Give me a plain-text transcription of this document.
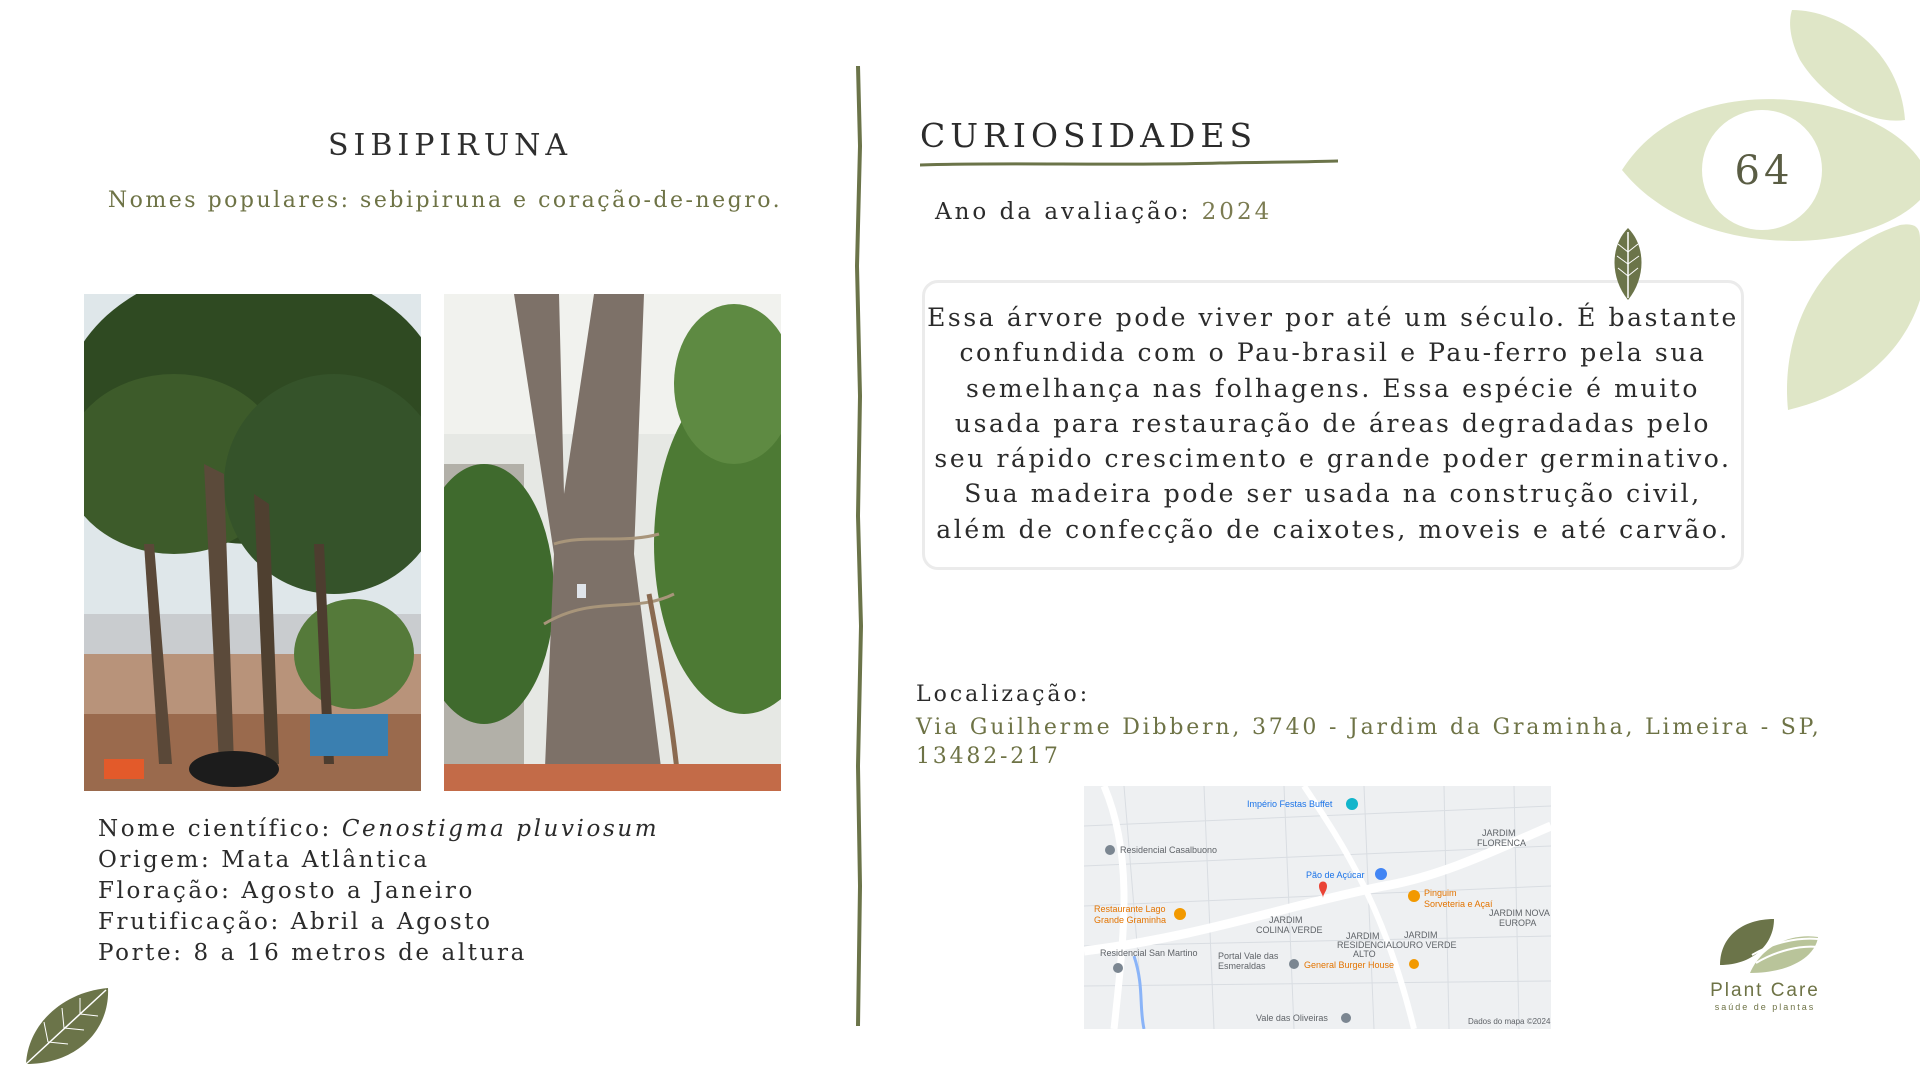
SIBIPIRUNA
Nomes populares: sebipiruna e coração-de-negro.
Nome científico: Cenostigma pluviosum
Origem: Mata Atlântica
Floração: Agosto a Janeiro
Frutificação: Abril a Agosto
Porte: 8 a 16 metros de altura
CURIOSIDADES
Ano da avaliação: 2024
Essa árvore pode viver por até um século. É bastante confundida com o Pau-brasil e Pau-ferro pela sua semelhança nas folhagens. Essa espécie é muito usada para restauração de áreas degradadas pelo seu rápido crescimento e grande poder germinativo. Sua madeira pode ser usada na construção civil, além de confecção de caixotes, moveis e até carvão.
Localização:
Via Guilherme Dibbern, 3740 - Jardim da Graminha, Limeira - SP, 13482-217
Império Festas Buffet
Residencial Casalbuono
Pão de Açúcar
Pinguim
Sorveteria e Açaí
Restaurante Lago
Grande Graminha	JARDIM
COLINA VERDE	JARDIM
OURO VERDE
JARDIM
RESIDENCIAL
ALTO
JARDIM NOVA
EUROPA
JARDIM
FLORENCA
Residencial San Martino Portal Vale das
Esmeraldas	General Burger House
Vale das Oliveiras	Dados do mapa ©2024
64
Plant Care
saúde de plantas
